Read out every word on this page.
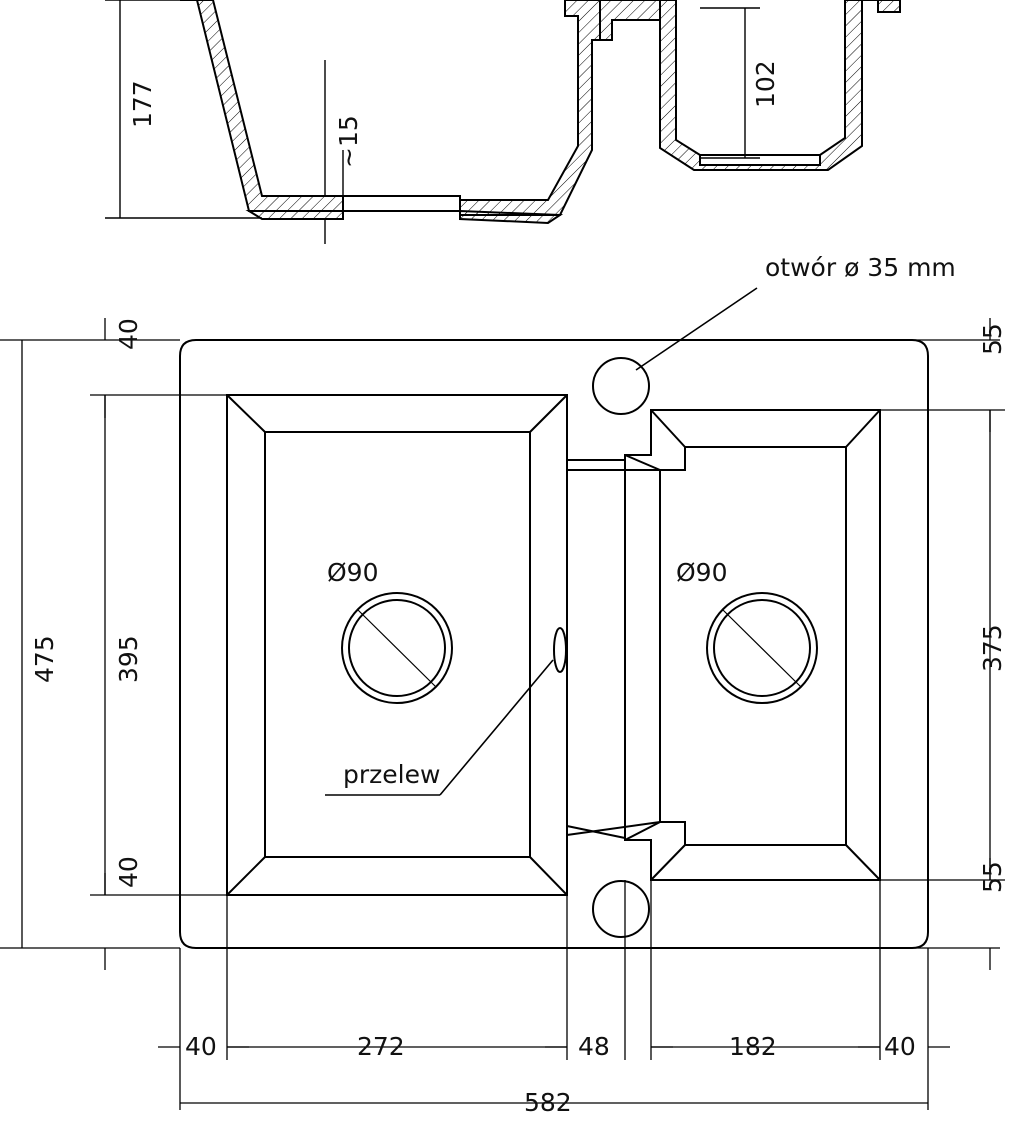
177
~15
102
otwór ø 35 mm
przelew
475 395
40
40
55
375
55
Ø90	Ø90
40	272	48	182	40
582
